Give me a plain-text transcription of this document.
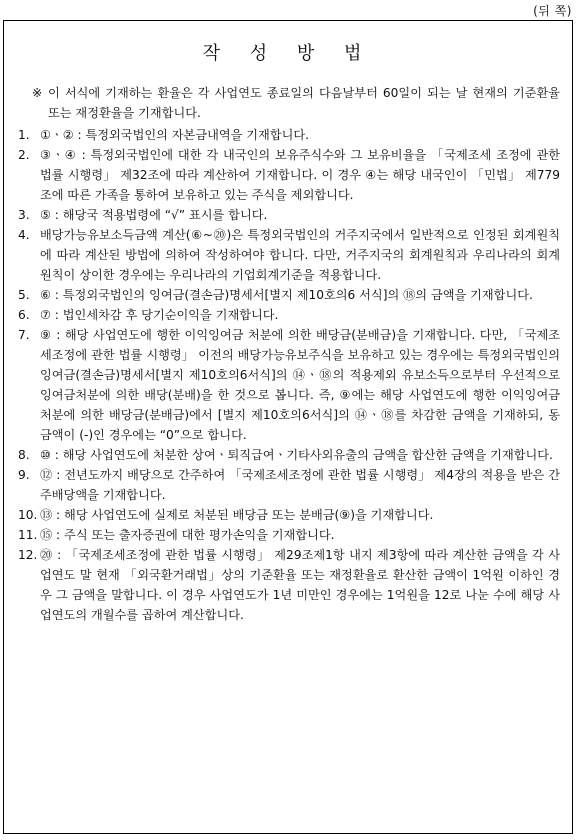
(뒤 쪽)
작 성 방 법
※ 이 서식에 기재하는 환율은 각 사업연도 종료일의 다음날부터 60일이 되는 날 현재의 기준환율 또는 재정환율을 기재합니다.
1. ①ㆍ② : 특정외국법인의 자본금내역을 기재합니다.
2. ③ㆍ④ : 특정외국법인에 대한 각 내국인의 보유주식수와 그 보유비율을 「국제조세 조정에 관한 법률 시행령」 제32조에 따라 계산하여 기재합니다. 이 경우 ④는 해당 내국인이 「민법」 제779조에 따른 가족을 통하여 보유하고 있는 주식을 제외합니다.
3. ⑤ : 해당국 적용법령에 “√” 표시를 합니다.
4. 배당가능유보소득금액 계산(⑥~⑳)은 특정외국법인의 거주지국에서 일반적으로 인정된 회계원칙에 따라 계산된 방법에 의하여 작성하여야 합니다. 다만, 거주지국의 회계원칙과 우리나라의 회계원칙이 상이한 경우에는 우리나라의 기업회계기준을 적용합니다.
5. ⑥ : 특정외국법인의 잉여금(결손금)명세서[별지 제10호의6 서식]의 ⑱의 금액을 기재합니다.
6. ⑦ : 법인세차감 후 당기순이익을 기재합니다.
7. ⑨ : 해당 사업연도에 행한 이익잉여금 처분에 의한 배당금(분배금)을 기재합니다. 다만, 「국제조세조정에 관한 법률 시행령」 이전의 배당가능유보주식을 보유하고 있는 경우에는 특정외국법인의 잉여금(결손금)명세서[별지 제10호의6서식]의 ⑭ㆍ⑱의 적용제외 유보소득으로부터 우선적으로 잉여금처분에 의한 배당(분배)을 한 것으로 봅니다. 즉, ⑨에는 해당 사업연도에 행한 이익잉여금 처분에 의한 배당금(분배금)에서 [별지 제10호의6서식]의 ⑭ㆍ⑱를 차감한 금액을 기재하되, 동 금액이 (-)인 경우에는 “0”으로 합니다.
8. ⑩ : 해당 사업연도에 처분한 상여ㆍ퇴직급여ㆍ기타사외유출의 금액을 합산한 금액을 기재합니다.
9. ⑫ : 전년도까지 배당으로 간주하여 「국제조세조정에 관한 법률 시행령」 제4장의 적용을 받은 간주배당액을 기재합니다.
10. ⑬ : 해당 사업연도에 실제로 처분된 배당금 또는 분배금(⑨)을 기재합니다.
11. ⑮ : 주식 또는 출자증권에 대한 평가손익을 기재합니다.
12. ⑳ : 「국제조세조정에 관한 법률 시행령」 제29조제1항 내지 제3항에 따라 계산한 금액을 각 사업연도 말 현재 「외국환거래법」상의 기준환율 또는 재정환율로 환산한 금액이 1억원 이하인 경우 그 금액을 말합니다. 이 경우 사업연도가 1년 미만인 경우에는 1억원을 12로 나눈 수에 해당 사업연도의 개월수를 곱하여 계산합니다.
